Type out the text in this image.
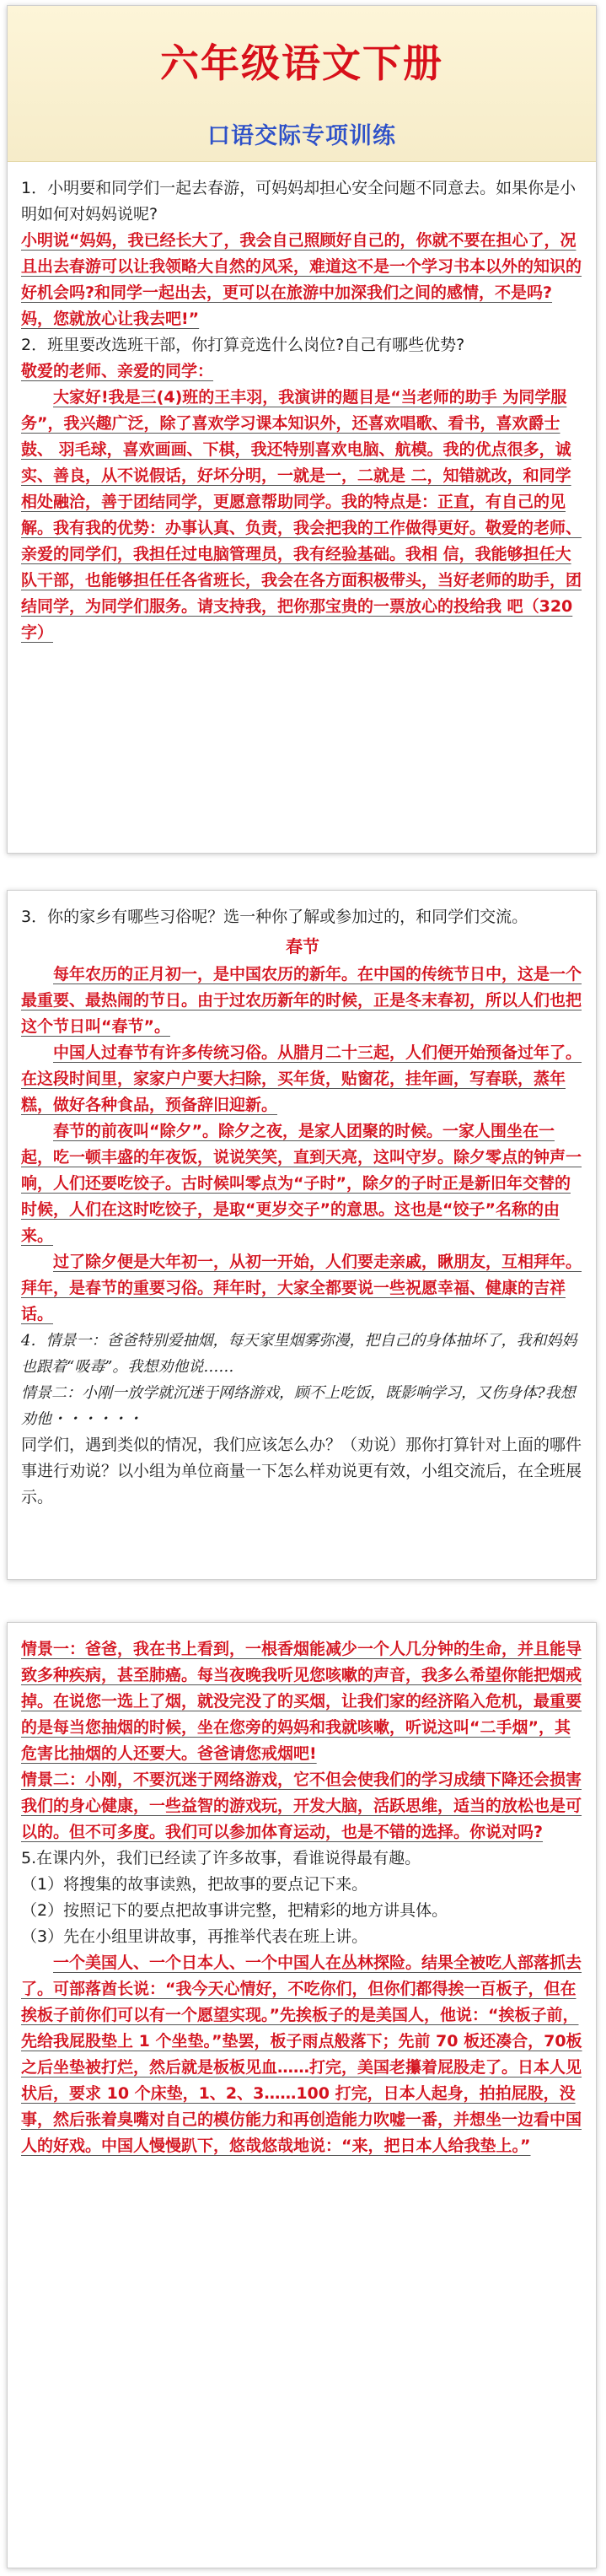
六年级语文下册
口语交际专项训练

1．小明要和同学们一起去春游，可妈妈却担心安全问题不同意去。如果你是小明如何对妈妈说呢?

小明说“妈妈，我已经长大了，我会自己照顾好自己的，你就不要在担心了，况且出去春游可以让我领略大自然的风采，难道这不是一个学习书本以外的知识的好机会吗?和同学一起出去，更可以在旅游中加深我们之间的感情，不是吗?妈，您就放心让我去吧!”

2．班里要改选班干部，你打算竞选什么岗位?自己有哪些优势?

敬爱的老师、亲爱的同学：

大家好!我是三(4)班的王丰羽，我演讲的题目是“当老师的助手 为同学服务”，我兴趣广泛，除了喜欢学习课本知识外，还喜欢唱歌、看书，喜欢爵士鼓、 羽毛球，喜欢画画、下棋，我还特别喜欢电脑、航模。我的优点很多，诚实、善良，从不说假话，好坏分明，一就是一，二就是 二，知错就改，和同学相处融洽，善于团结同学，更愿意帮助同学。我的特点是：正直，有自己的见解。我有我的优势：办事认真、负责，我会把我的工作做得更好。敬爱的老师、亲爱的同学们，我担任过电脑管理员，我有经验基础。我相 信，我能够担任大队干部，也能够担任任各省班长，我会在各方面积极带头，当好老师的助手，团结同学，为同学们服务。请支持我，把你那宝贵的一票放心的投给我 吧（320 字）

3．你的家乡有哪些习俗呢？选一种你了解或参加过的，和同学们交流。

春节

每年农历的正月初一，是中国农历的新年。在中国的传统节日中，这是一个最重要、最热闹的节日。由于过农历新年的时候，正是冬末春初，所以人们也把这个节日叫“春节”。

中国人过春节有许多传统习俗。从腊月二十三起，人们便开始预备过年了。在这段时间里，家家户户要大扫除，买年货，贴窗花，挂年画，写春联，蒸年糕，做好各种食品，预备辞旧迎新。

春节的前夜叫“除夕”。除夕之夜，是家人团聚的时候。一家人围坐在一起，吃一顿丰盛的年夜饭，说说笑笑，直到天亮，这叫守岁。除夕零点的钟声一响，人们还要吃饺子。古时候叫零点为“子时”，除夕的子时正是新旧年交替的时候，人们在这时吃饺子，是取“更岁交子”的意思。这也是“饺子”名称的由来。

过了除夕便是大年初一，从初一开始，人们要走亲戚，瞅朋友，互相拜年。拜年，是春节的重要习俗。拜年时，大家全都要说一些祝愿幸福、健康的吉祥话。

4．情景一：爸爸特别爱抽烟，每天家里烟雾弥漫，把自己的身体抽坏了，我和妈妈也跟着“吸毒”。我想劝他说……

情景二：小刚一放学就沉迷于网络游戏，顾不上吃饭，既影响学习，又伤身体?我想劝他・・・・・・

同学们，遇到类似的情况，我们应该怎么办？（劝说）那你打算针对上面的哪件事进行劝说？以小组为单位商量一下怎么样劝说更有效，小组交流后，在全班展示。

情景一：爸爸，我在书上看到，一根香烟能减少一个人几分钟的生命，并且能导致多种疾病，甚至肺癌。每当夜晚我听见您咳嗽的声音，我多么希望你能把烟戒掉。在说您一选上了烟，就没完没了的买烟，让我们家的经济陷入危机，最重要的是每当您抽烟的时候，坐在您旁的妈妈和我就咳嗽，听说这叫“二手烟”，其危害比抽烟的人还要大。爸爸请您戒烟吧!

情景二：小刚，不要沉迷于网络游戏，它不但会使我们的学习成绩下降还会损害我们的身心健康，一些益智的游戏玩，开发大脑，活跃思维，适当的放松也是可以的。但不可多度。我们可以参加体育运动，也是不错的选择。你说对吗?

5.在课内外，我们已经读了许多故事，看谁说得最有趣。

（1）将搜集的故事读熟，把故事的要点记下来。

（2）按照记下的要点把故事讲完整，把精彩的地方讲具体。

（3）先在小组里讲故事，再推举代表在班上讲。

一个美国人、一个日本人、一个中国人在丛林探险。结果全被吃人部落抓去了。可部落酋长说：“我今天心情好，不吃你们，但你们都得挨一百板子，但在挨板子前你们可以有一个愿望实现。”先挨板子的是美国人，他说：“挨板子前，先给我屁股垫上 1 个坐垫。”垫罢，板子雨点般落下；先前 70 板还凑合，70板之后坐垫被打烂，然后就是板板见血……打完，美国老攥着屁股走了。日本人见状后，要求 10 个床垫，1、2、3……100 打完，日本人起身，拍拍屁股，没事，然后张着臭嘴对自己的模仿能力和再创造能力吹嘘一番，并想坐一边看中国人的好戏。中国人慢慢趴下，悠哉悠哉地说：“来，把日本人给我垫上。”
